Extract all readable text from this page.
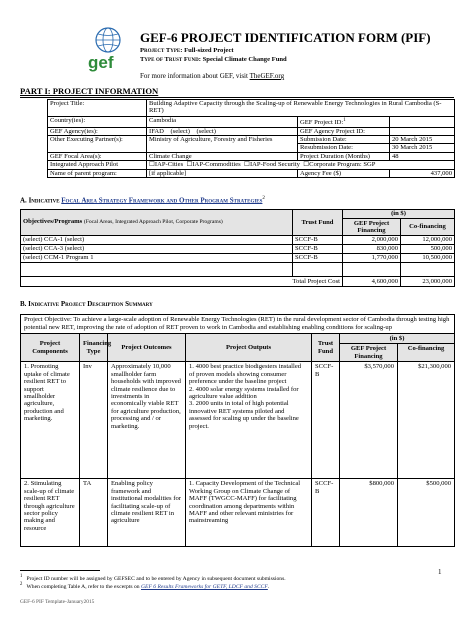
gef
GEF-6 PROJECT IDENTIFICATION FORM (PIF)
Project Type: Full-sized Project
Type of Trust Fund: Special Climate Change Fund
For more information about GEF, visit TheGEF.org
PART I: PROJECT INFORMATION
Project Title:	Building Adaptive Capacity through the Scaling-up of Renewable Energy Technologies in Rural Cambodia (S-RET)		
Country(ies):	Cambodia	GEF Project ID:$^1$	
GEF Agency(ies):	IFAD    (select)    (select)	GEF Agency Project ID:	
Other Executing Partner(s):	Ministry of Agriculture, Forestry and Fisheries	Submission Date:	20 March 2015
		Resubmission Date:	30 March 2015
GEF Focal Area(s):	Climate Change	Project Duration (Months)	48
Integrated Approach Pilot	☐IAP-Cities ☐IAP-Commodities ☐IAP-Food Security ☐Corporate Program: SGP		
Name of parent program:	[if applicable]	Agency Fee ($)	437,000
A. Indicative Focal Area Strategy Framework and Other Program Strategies$^2$
Objectives/Programs (Focal Areas, Integrated Approach Pilot, Corporate Programs)	Trust Fund	(in $)	
		GEF Project Financing	Co-financing
(select) CCA-1 (select)	SCCF-B	2,000,000	12,000,000
(select) CCA-3 (select)	SCCF-B	830,000	500,000
(select) CCM-1 Program 1	SCCF-B	1,770,000	10,500,000

Total Project Cost		4,600,000	23,000,000
B. Indicative Project Description Summary
Project Objective: To achieve a large-scale adoption of Renewable Energy Technologies (RET) in the rural development sector of Cambodia through testing high potential new RET, improving the rate of adoption of RET proven to work in Cambodia and establishing enabling conditions for scaling-up						
Project Components	Financing Type	Project Outcomes	Project Outputs	Trust Fund	(in $)	
					GEF Project Financing	Co-financing
1. Promoting uptake of climate resilient RET to support smallholder agriculture, production and marketing.	Inv	Approximately 10,000 smallholder farm households with improved climate resilience due to investments in economically viable RET for agriculture production, processing and / or marketing.	1. 4000 best practice biodigesters installed of proven models showing consumer preference under the baseline project
2. 4000 solar energy systems installed for agriculture value addition
3. 2000 units in total of high potential innovative RET systems piloted and assessed for scaling up under the baseline project.	SCCF-B	$3,570,000	$21,300,000
2. Stimulating scale-up of climate resilient RET through agriculture sector policy making and resource	TA	Enabling policy framework and institutional modalities for facilitating scale-up of climate resilient RET in agriculture	1. Capacity Development of the Technical Working Group on Climate Change of MAFF (TWGCC-MAFF) for facilitating coordination among departments within MAFF and other relevant ministries for mainstreaming	SCCF-B	$800,000	$500,000
$^1$ Project ID number will be assigned by GEFSEC and to be entered by Agency in subsequent document submissions.
$^2$ When completing Table A, refer to the excerpts on GEF 6 Results Frameworks for GETF, LDCF and SCCF.
1
GEF-6 PIF Template-January2015
